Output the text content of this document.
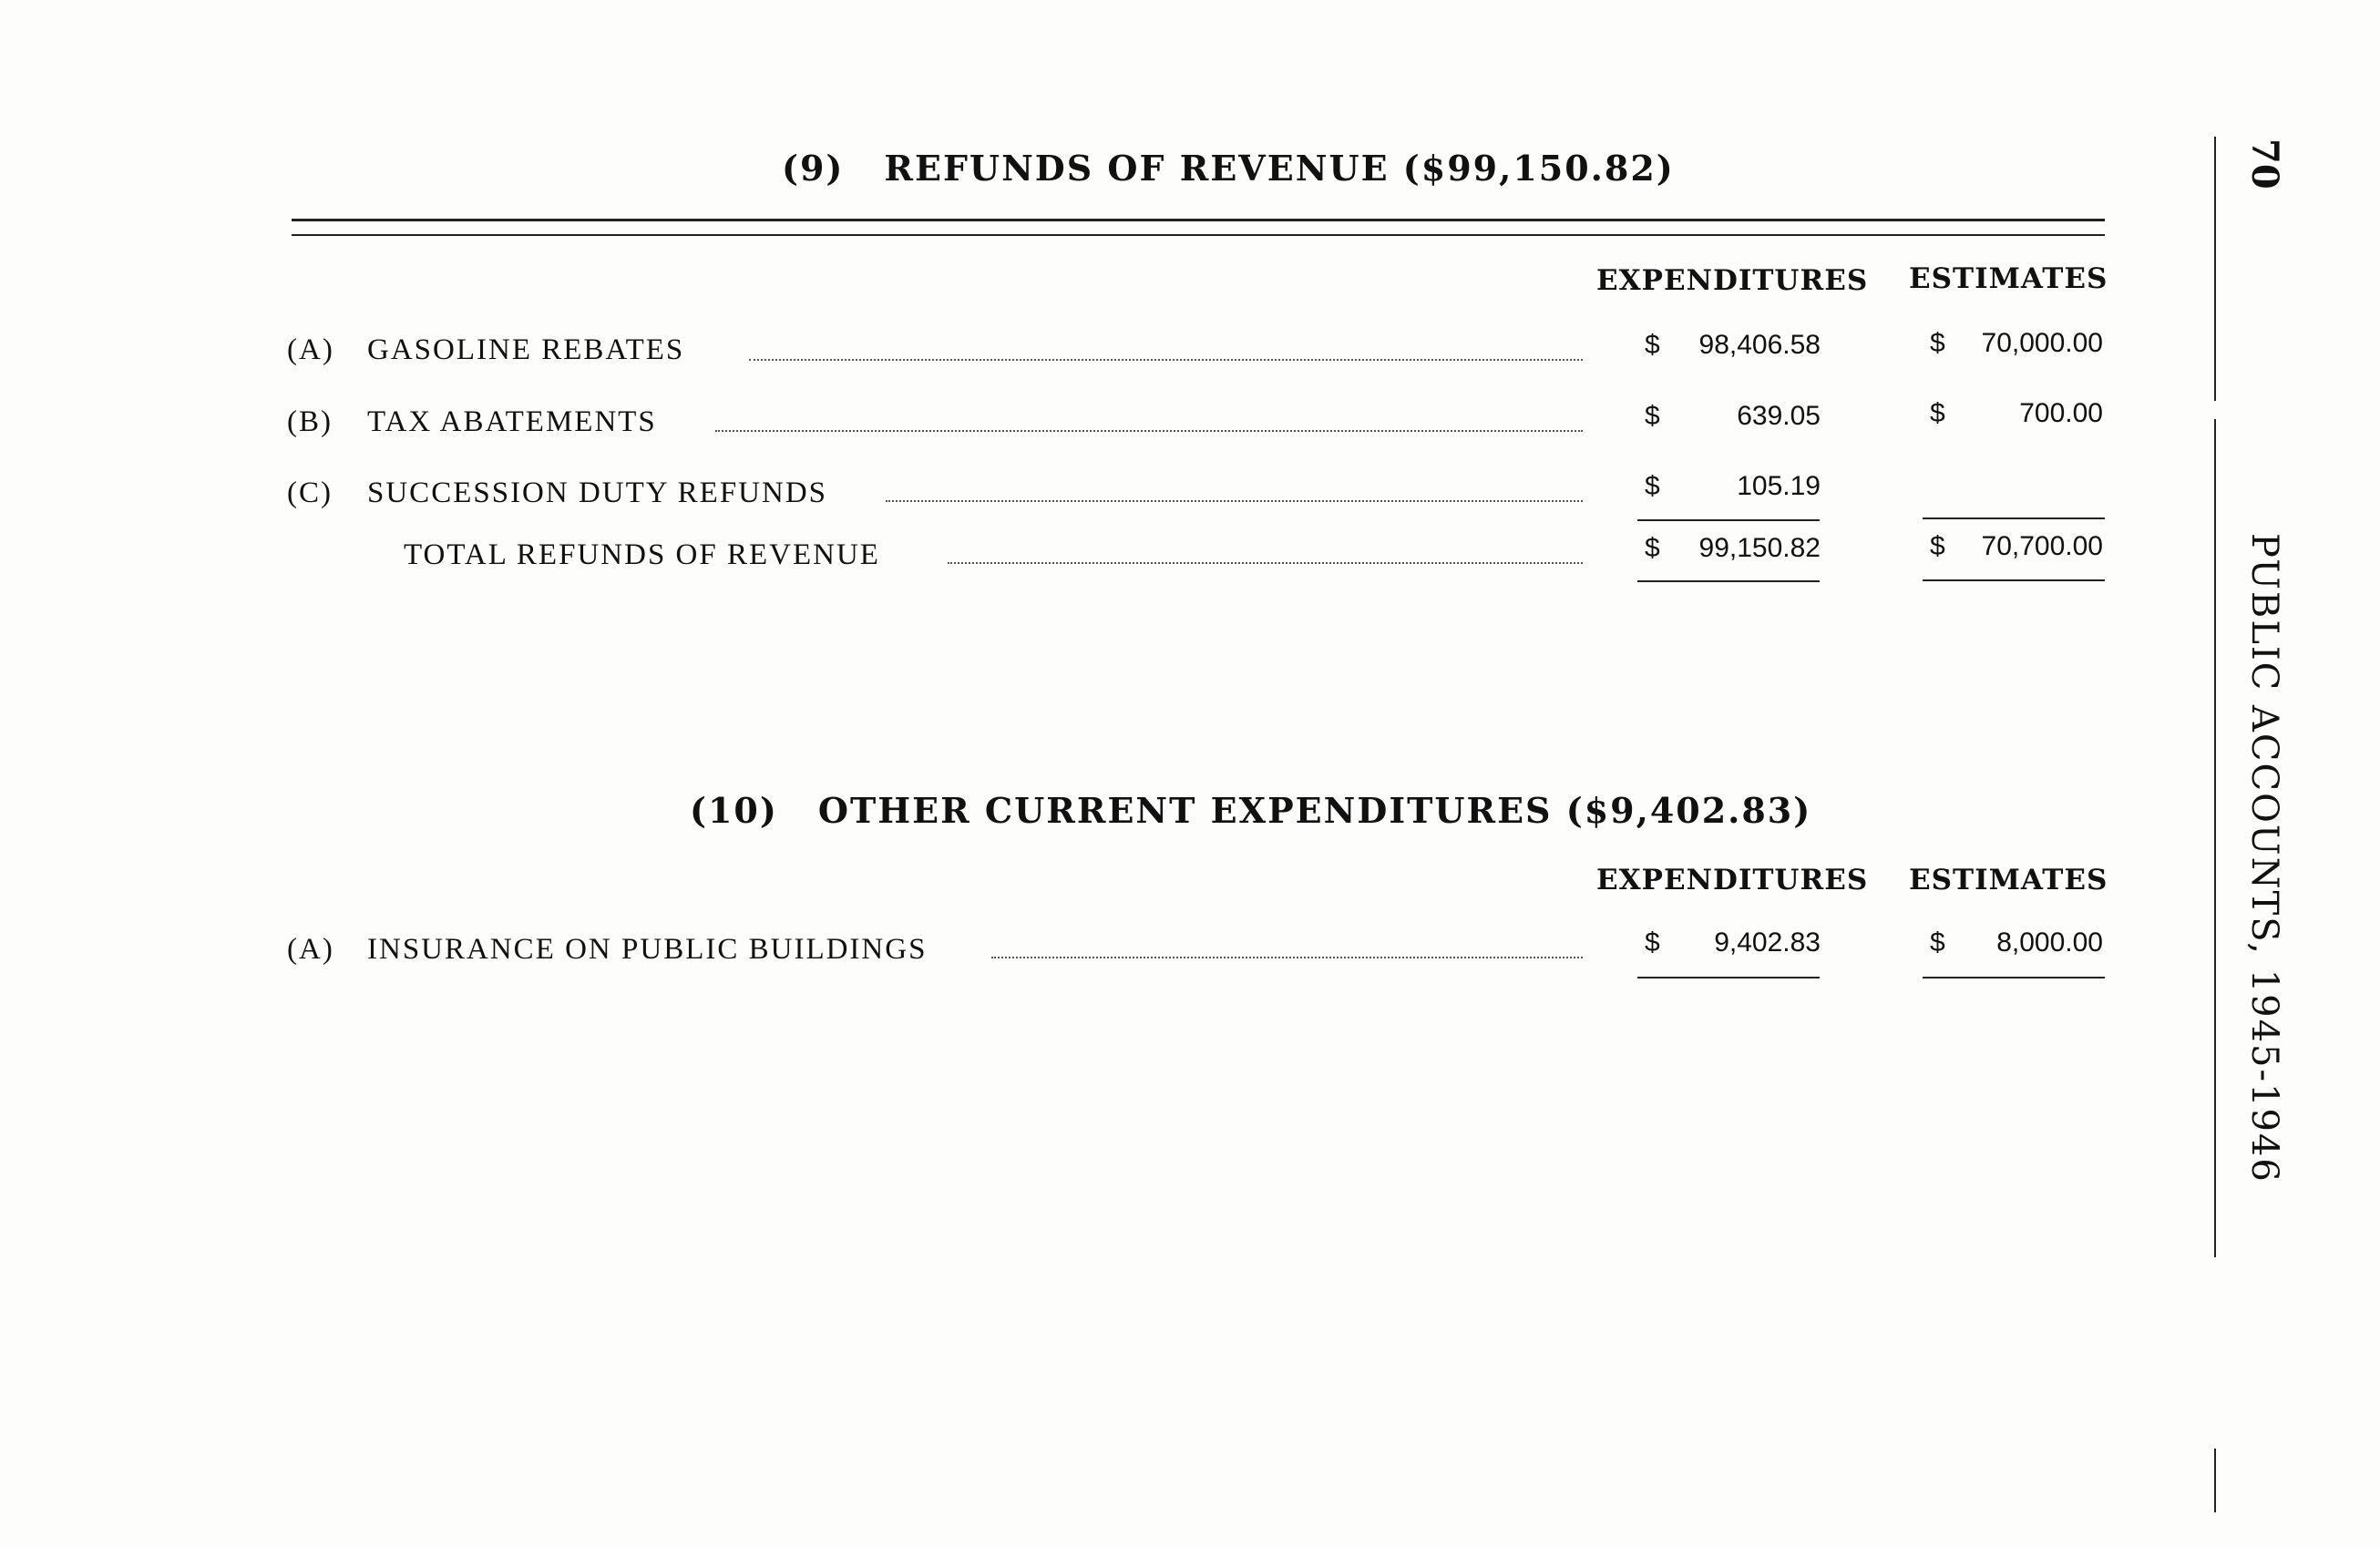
(9) REFUNDS OF REVENUE ($99,150.82)
EXPENDITURES ESTIMATES
(A) GASOLINE REBATES	$	98,406.58	$	70,000.00
(B) TAX ABATEMENTS	$	639.05	$	700.00
(C) SUCCESSION DUTY REFUNDS	$	105.19
TOTAL REFUNDS OF REVENUE	$	99,150.82	$	70,700.00
(10) OTHER CURRENT EXPENDITURES ($9,402.83)
EXPENDITURES ESTIMATES
(A) INSURANCE ON PUBLIC BUILDINGS	$	9,402.83	$	8,000.00
70
PUBLIC ACCOUNTS, 1945-1946
